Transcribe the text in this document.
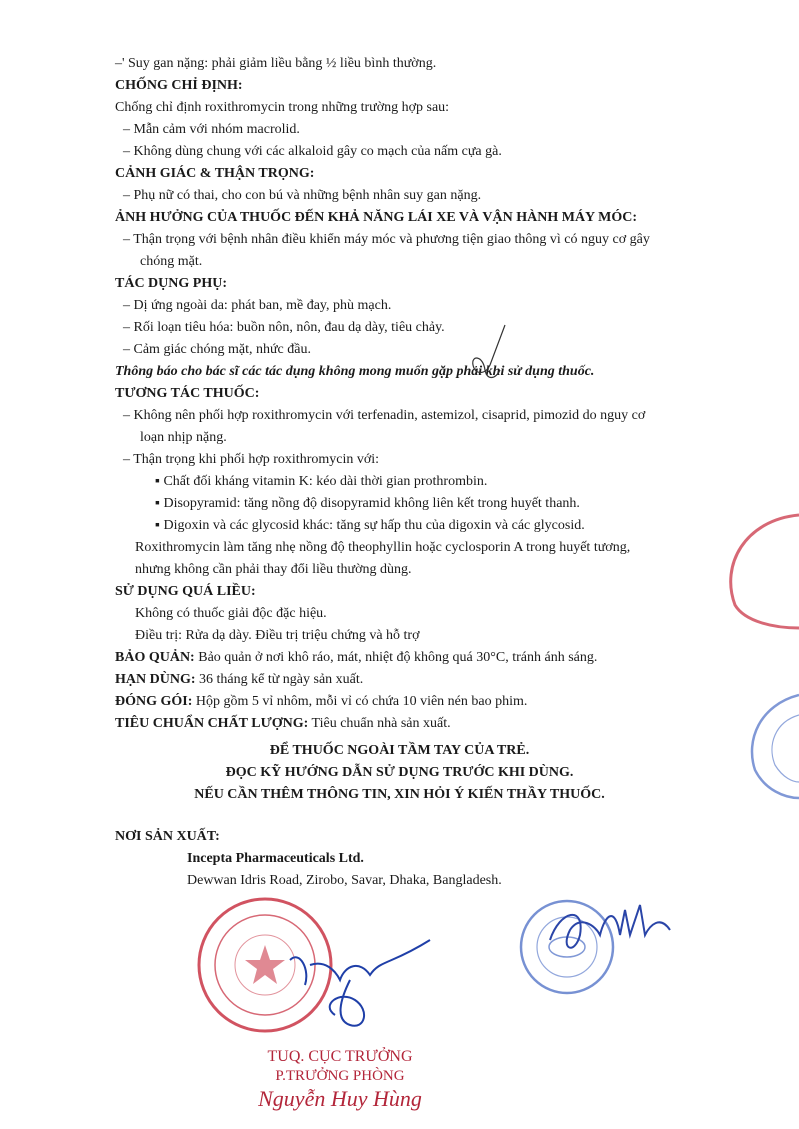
–' Suy gan nặng: phải giảm liều bằng ½ liều bình thường.
CHỐNG CHỈ ĐỊNH:
Chống chỉ định roxithromycin trong những trường hợp sau:
– Mẫn cảm với nhóm macrolid.
– Không dùng chung với các alkaloid gây co mạch của nấm cựa gà.
CẢNH GIÁC & THẬN TRỌNG:
– Phụ nữ có thai, cho con bú và những bệnh nhân suy gan nặng.
ẢNH HƯỞNG CỦA THUỐC ĐẾN KHẢ NĂNG LÁI XE VÀ VẬN HÀNH MÁY MÓC:
– Thận trọng với bệnh nhân điều khiển máy móc và phương tiện giao thông vì có nguy cơ gây
chóng mặt.
TÁC DỤNG PHỤ:
– Dị ứng ngoài da: phát ban, mề đay, phù mạch.
– Rối loạn tiêu hóa: buồn nôn, nôn, đau dạ dày, tiêu chảy.
– Cảm giác chóng mặt, nhức đầu.
Thông báo cho bác sĩ các tác dụng không mong muốn gặp phải khi sử dụng thuốc.
TƯƠNG TÁC THUỐC:
– Không nên phối hợp roxithromycin với terfenadin, astemizol, cisaprid, pimozid do nguy cơ
loạn nhịp nặng.
– Thận trọng khi phối hợp roxithromycin với:
▪ Chất đối kháng vitamin K: kéo dài thời gian prothrombin.
▪ Disopyramid: tăng nồng độ disopyramid không liên kết trong huyết thanh.
▪ Digoxin và các glycosid khác: tăng sự hấp thu của digoxin và các glycosid.
Roxithromycin làm tăng nhẹ nồng độ theophyllin hoặc cyclosporin A trong huyết tương,
nhưng không cần phải thay đổi liều thường dùng.
SỬ DỤNG QUÁ LIỀU:
Không có thuốc giải độc đặc hiệu.
Điều trị: Rửa dạ dày. Điều trị triệu chứng và hỗ trợ
BẢO QUẢN: Bảo quản ở nơi khô ráo, mát, nhiệt độ không quá 30°C, tránh ánh sáng.
HẠN DÙNG: 36 tháng kể từ ngày sản xuất.
ĐÓNG GÓI: Hộp gồm 5 vỉ nhôm, mỗi vỉ có chứa 10 viên nén bao phim.
TIÊU CHUẨN CHẤT LƯỢNG: Tiêu chuẩn nhà sản xuất.
ĐỂ THUỐC NGOÀI TẦM TAY CỦA TRẺ.
ĐỌC KỸ HƯỚNG DẪN SỬ DỤNG TRƯỚC KHI DÙNG.
NẾU CẦN THÊM THÔNG TIN, XIN HỎI Ý KIẾN THẦY THUỐC.
NƠI SẢN XUẤT:
Incepta Pharmaceuticals Ltd.
Dewwan Idris Road, Zirobo, Savar, Dhaka, Bangladesh.
TUQ. CỤC TRƯỞNG
P.TRƯỞNG PHÒNG
Nguyễn Huy Hùng
